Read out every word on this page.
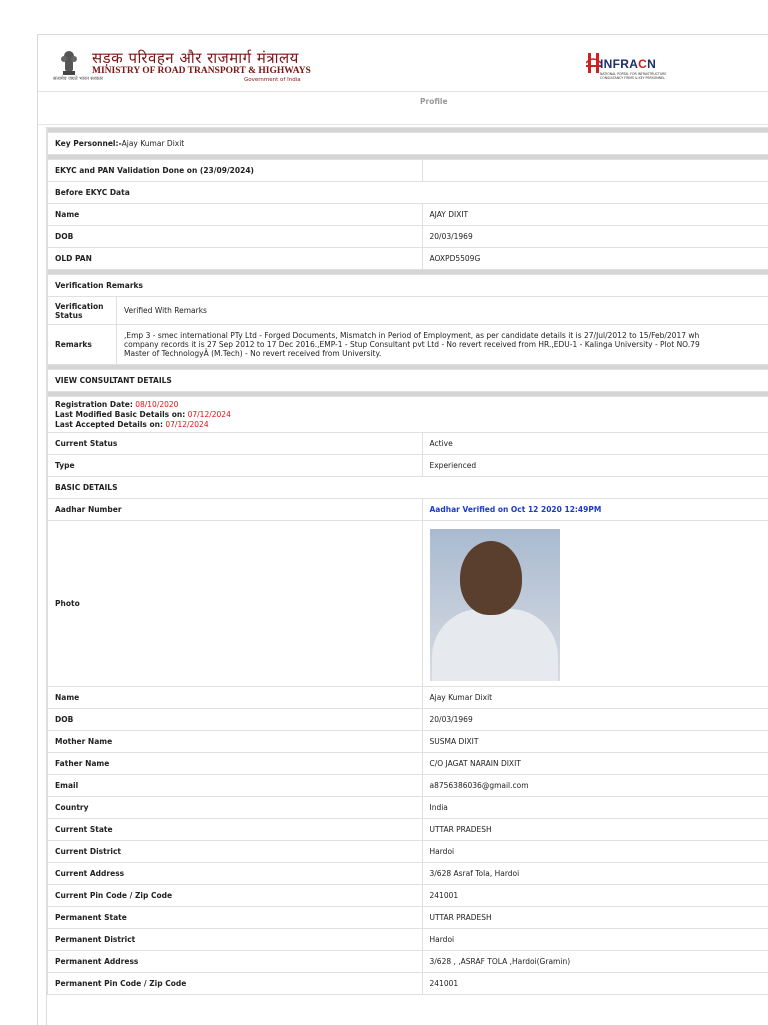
सत्यमेव जयते भारत सरकार
सड़क परिवहन और राजमार्ग मंत्रालय
MINISTRY OF ROAD TRANSPORT & HIGHWAYS
Government of India
INFRACN
NATIONAL PORTAL FOR INFRASTRUCTURE CONSULTANCY FIRMS & KEY PERSONNEL
Profile

Key Personnel:-Ajay Kumar Dixit		

EKYC and PAN Validation Done on (23/09/2024)		
Before EKYC Data		
Name		AJAY DIXIT
DOB		20/03/1969
OLD PAN		AOXPD5509G

Verification Remarks		
Verification Status	Verified With Remarks	
Remarks	,Emp 3 - smec international PTy Ltd - Forged Documents, Mismatch in Period of Employment, as per candidate details it is 27/Jul/2012 to 15/Feb/2017 wh
company records it is 27 Sep 2012 to 17 Dec 2016.,EMP-1 - Stup Consultant pvt Ltd - No revert received from HR.,EDU-1 - Kalinga University - Plot NO.79
Master of TechnologyÂ (M.Tech) - No revert received from University.	

VIEW CONSULTANT DETAILS		

Registration Date: 08/10/2020
Last Modified Basic Details on: 07/12/2024
Last Accepted Details on: 07/12/2024		

Current Status		Active
Type		Experienced
BASIC DETAILS		
Aadhar Number		Aadhar Verified on Oct 12 2020 12:49PM
Photo		

Name		Ajay Kumar Dixit
DOB		20/03/1969
Mother Name		SUSMA DIXIT
Father Name		C/O JAGAT NARAIN DIXIT
Email		a8756386036@gmail.com
Country		India
Current State		UTTAR PRADESH
Current District		Hardoi
Current Address		3/628 Asraf Tola, Hardoi
Current Pin Code / Zip Code		241001
Permanent State		UTTAR PRADESH
Permanent District		Hardoi
Permanent Address		3/628 , ,ASRAF TOLA ,Hardoi(Gramin)
Permanent Pin Code / Zip Code		241001
